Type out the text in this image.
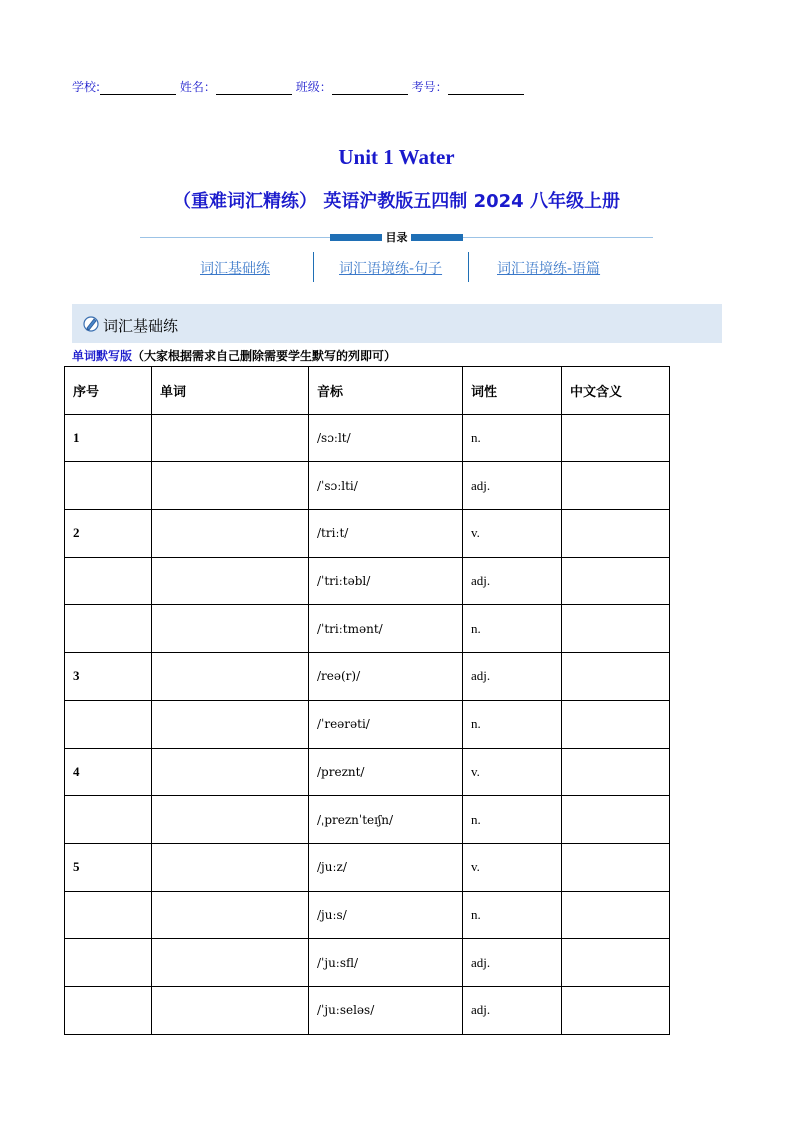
学校:	姓名：	班级：	考号：
Unit 1 Water
（重难词汇精练） 英语沪教版五四制 2024 八年级上册
目录
词汇基础练	词汇语境练-句子	词汇语境练-语篇
词汇基础练
单词默写版（大家根据需求自己删除需要学生默写的列即可）
序号	单词	音标	词性	中文含义
1		/sɔːlt/	n.	
		/ˈsɔːlti/	adj.	
2		/triːt/	v.	
		/ˈtriːtəbl/	adj.	
		/ˈtriːtmənt/	n.	
3		/reə(r)/	adj.	
		/ˈreərəti/	n.	
4		/preznt/	v.	
		/ˌpreznˈteɪʃn/	n.	
5		/juːz/	v.	
		/juːs/	n.	
		/ˈjuːsfl/	adj.	
		/ˈjuːseləs/	adj.	
